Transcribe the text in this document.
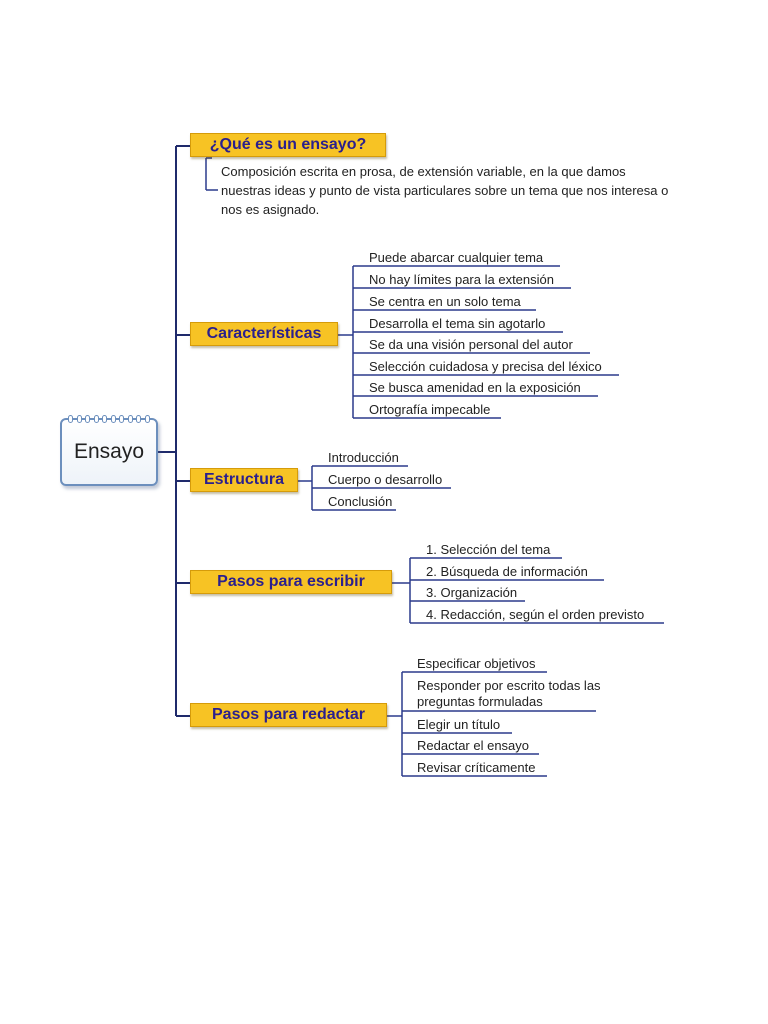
Ensayo
¿Qué es un ensayo?
Composición escrita en prosa, de extensión variable, en la que damos nuestras ideas y punto de vista particulares sobre un tema que nos interesa o nos es asignado.
Características
Puede abarcar cualquier tema
No hay límites para la extensión
Se centra en un solo tema
Desarrolla el tema sin agotarlo
Se da una visión personal del autor
Selección cuidadosa y precisa del léxico
Se busca amenidad en la exposición
Ortografía impecable
Estructura
Introducción
Cuerpo o desarrollo
Conclusión
Pasos para escribir
1. Selección del tema
2. Búsqueda de información
3. Organización
4. Redacción, según el orden previsto
Pasos para redactar
Especificar objetivos
Responder por escrito todas las preguntas formuladas
Elegir un título
Redactar el ensayo
Revisar críticamente
